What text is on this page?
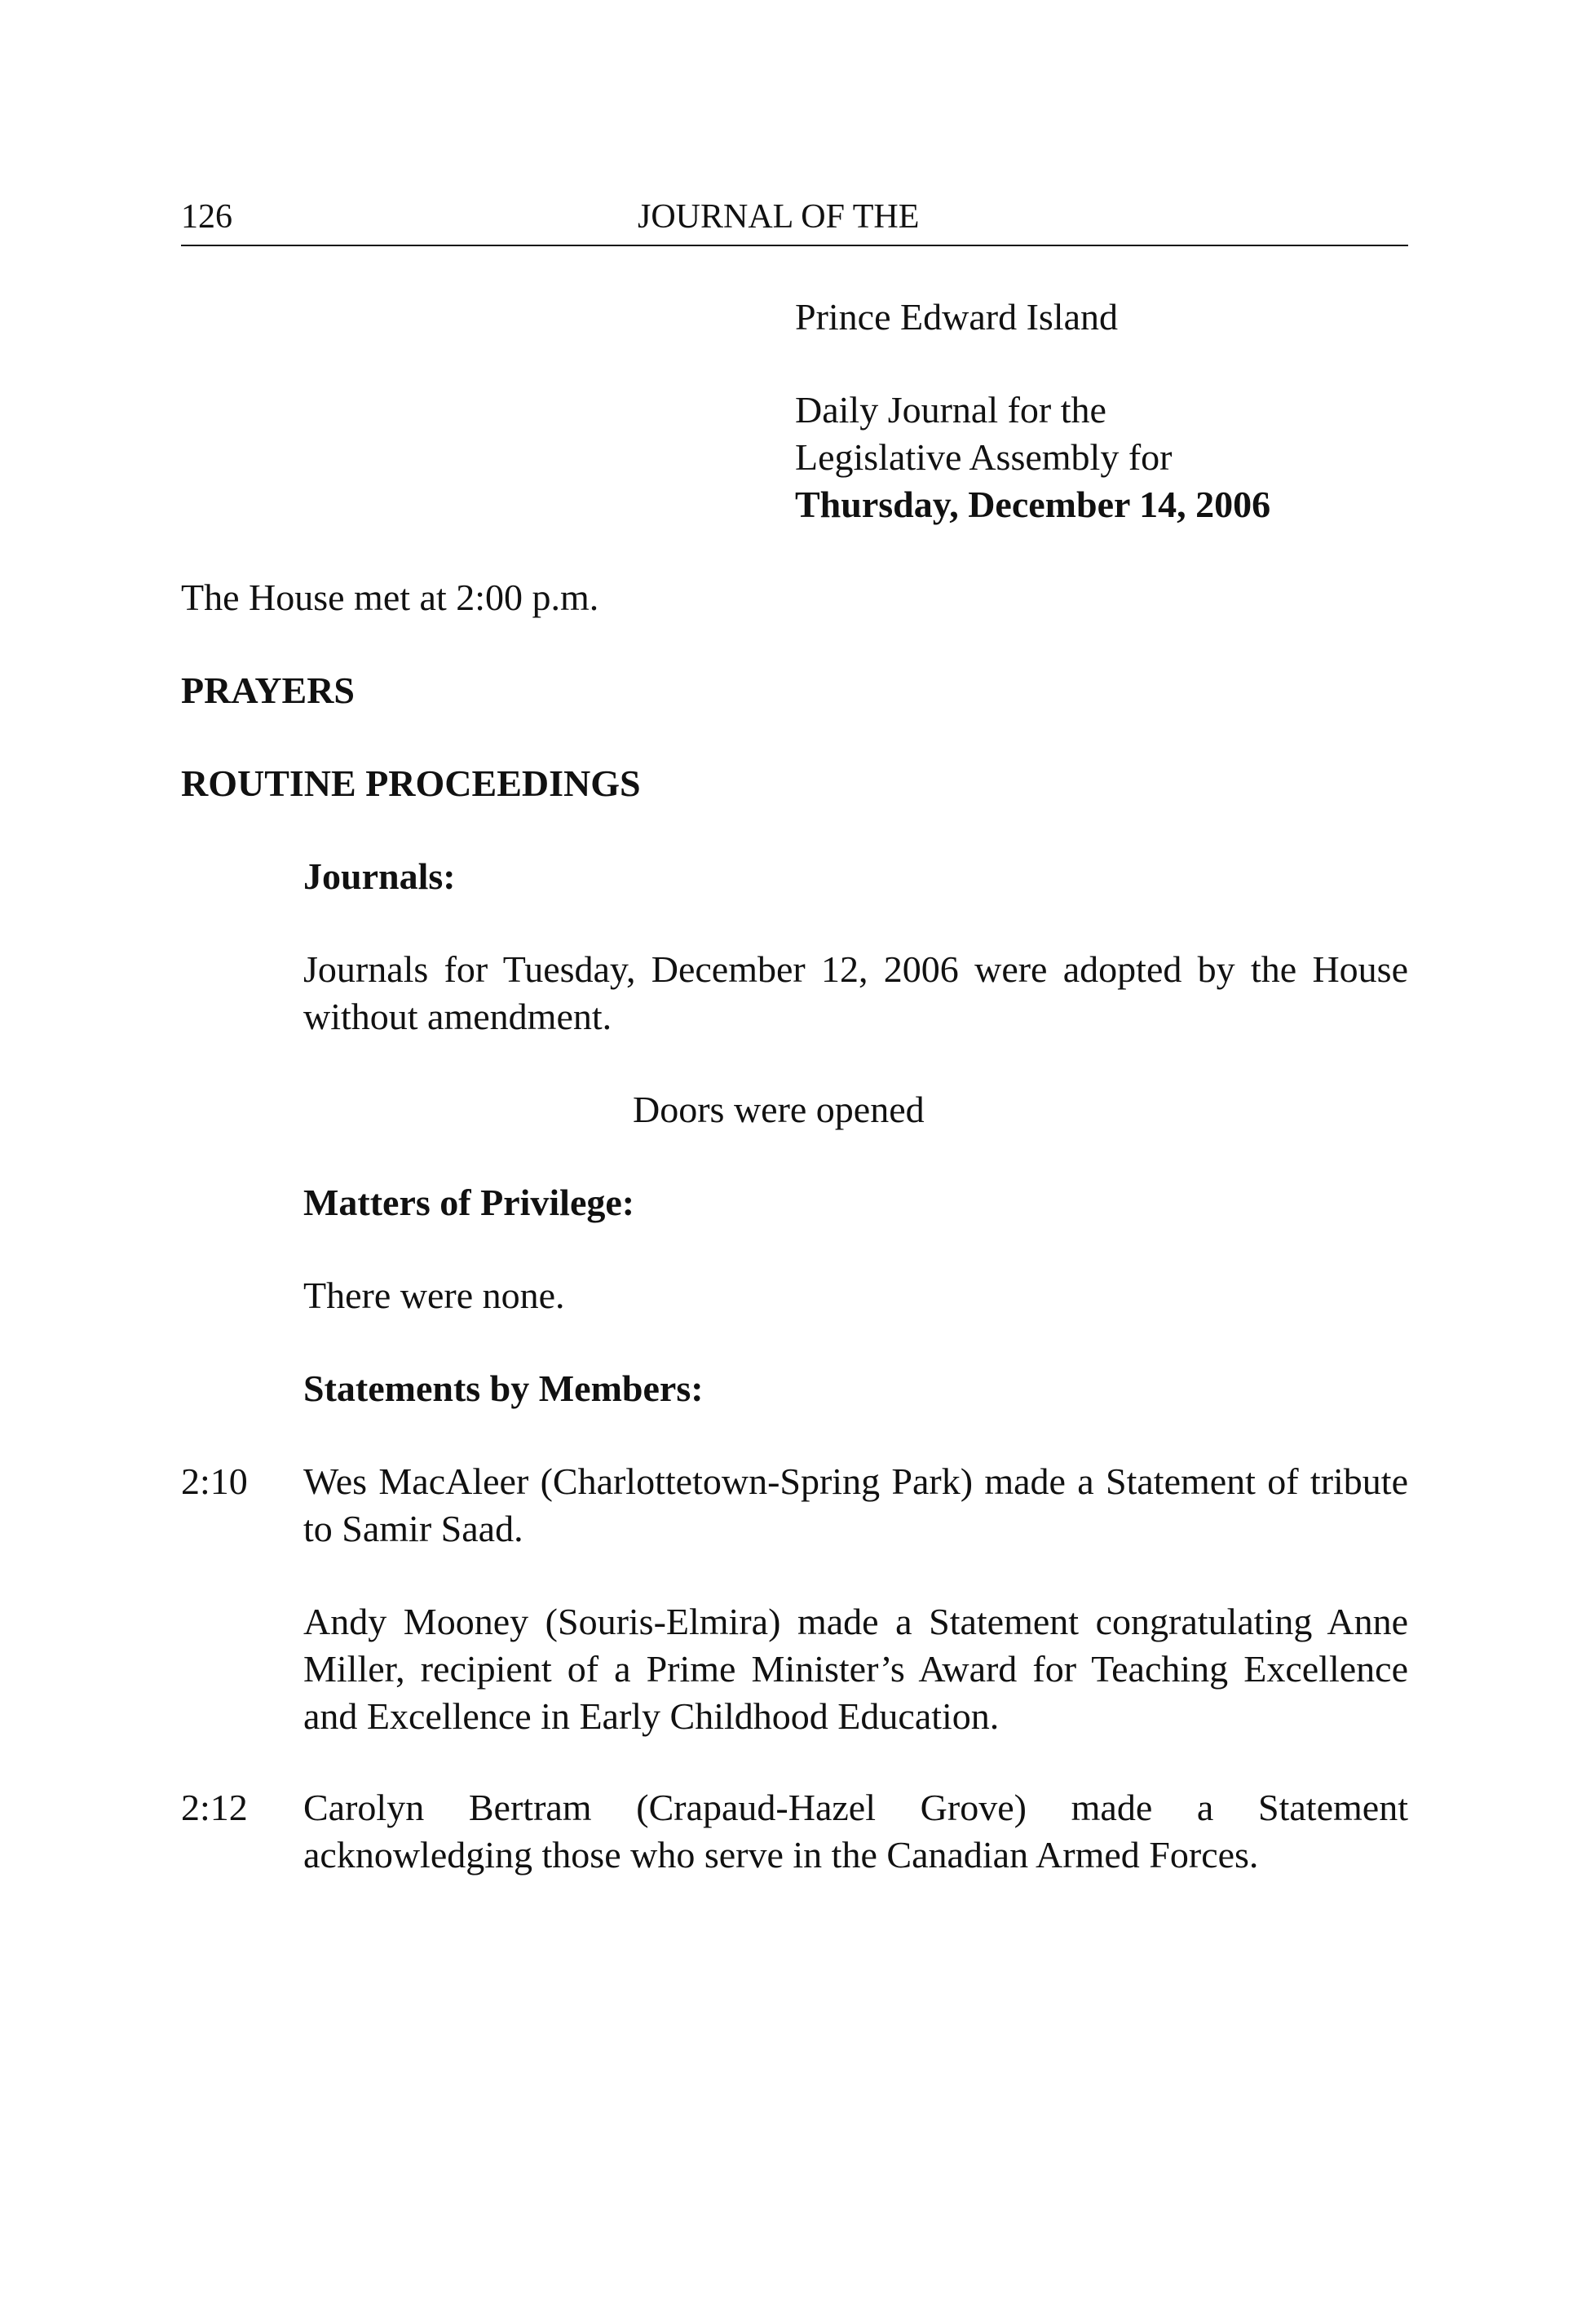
126	JOURNAL OF THE
Prince Edward Island
Daily Journal for the
Legislative Assembly for
Thursday, December 14, 2006
The House met at 2:00 p.m.
PRAYERS
ROUTINE PROCEEDINGS
Journals:
Journals for Tuesday, December 12, 2006 were adopted by the House without amendment.
Doors were opened
Matters of Privilege:
There were none.
Statements by Members:
2:10 Wes MacAleer (Charlottetown-Spring Park) made a Statement of tribute to Samir Saad.
Andy Mooney (Souris-Elmira) made a Statement congratulating Anne Miller, recipient of a Prime Minister’s Award for Teaching Excellence and Excellence in Early Childhood Education.
2:12 Carolyn Bertram (Crapaud-Hazel Grove) made a Statement acknowledging those who serve in the Canadian Armed Forces.
